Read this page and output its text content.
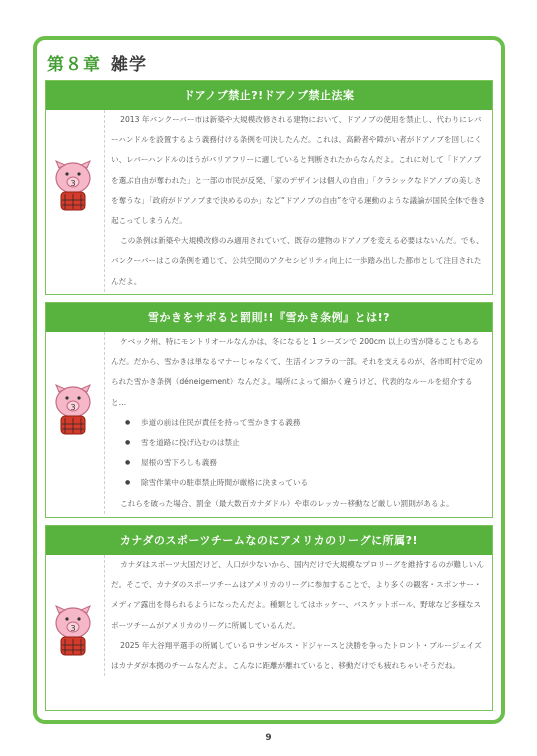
第８章 雑学
ドアノブ禁止?!ドアノブ禁止法案
3

2013 年バンクーバー市は新築や大規模改修される建物において、ドアノブの使用を禁止し、代わりにレバーハンドルを設置するよう義務付ける条例を可決したんだ。これは、高齢者や障がい者がドアノブを回しにくい、レバーハンドルのほうがバリアフリーに適していると判断されたからなんだよ。これに対して「ドアノブを選ぶ自由が奪われた」と一部の市民が反発、「家のデザインは個人の自由」「クラシックなドアノブの美しさを奪うな」「政府がドアノブまで決めるのか」など“ドアノブの自由”を守る運動のような議論が国民全体で巻き起こってしまうんだ。

この条例は新築や大規模改修のみ適用されていて、既存の建物のドアノブを変える必要はないんだ。でも、バンクーバーはこの条例を通じて、公共空間のアクセシビリティ向上に一歩踏み出した都市として注目されたんだよ。

雪かきをサボると罰則!!『雪かき条例』とは!?
3

ケベック州、特にモントリオールなんかは、冬になると 1 シーズンで 200cm 以上の雪が降ることもあるんだ。だから、雪かきは単なるマナーじゃなくて、生活インフラの一部。それを支えるのが、各市町村で定められた雪かき条例（déneigement）なんだよ。場所によって細かく違うけど、代表的なルールを紹介すると…

● 歩道の前は住民が責任を持って雪かきする義務
● 雪を道路に投げ込むのは禁止
● 屋根の雪下ろしも義務
● 除雪作業中の駐車禁止時間が厳格に決まっている

これらを破った場合、罰金（最大数百カナダドル）や車のレッカー移動など厳しい罰則があるよ。

カナダのスポーツチームなのにアメリカのリーグに所属?!
3

カナダはスポーツ大国だけど、人口が少ないから、国内だけで大規模なプロリーグを維持するのが難しいんだ。そこで、カナダのスポーツチームはアメリカのリーグに参加することで、より多くの観客・スポンサー・メディア露出を得られるようになったんだよ。種類としてはホッケー、バスケットボール、野球など多様なスポーツチームがアメリカのリーグに所属しているんだ。

2025 年大谷翔平選手の所属しているロサンゼルス・ドジャースと決勝を争ったトロント・ブルージェイズはカナダが本拠のチームなんだよ。こんなに距離が離れていると、移動だけでも疲れちゃいそうだね。

9
